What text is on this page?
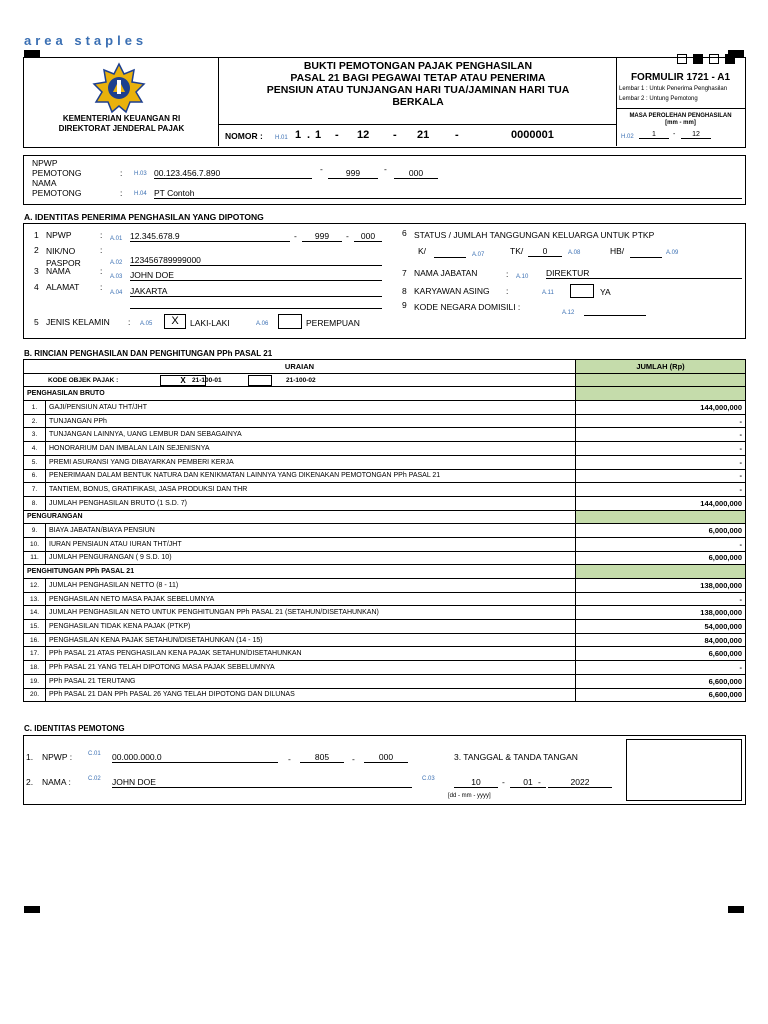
area staples
KEMENTERIAN KEUANGAN RI
DIREKTORAT JENDERAL PAJAK
BUKTI PEMOTONGAN PAJAK PENGHASILAN
PASAL 21 BAGI PEGAWAI TETAP ATAU PENERIMA
PENSIUN ATAU TUNJANGAN HARI TUA/JAMINAN HARI TUA
BERKALA
NOMOR : H.01 1 . 1 - 12 - 21 -	0000001
FORMULIR 1721 - A1
Lembar 1 : Untuk Penerima Penghasilan
Lembar 2 : Untung Pemotong
MASA PEROLEHAN PENGHASILAN
[mm - mm]
H.02	1	-	12
NPWP
PEMOTONG
NAMA
PEMOTONG
: H.03 00.123.456.7.890	-	999	-	000
: H.04 PT Contoh
A. IDENTITAS PENERIMA PENGHASILAN YANG DIPOTONG
1 NPWP	: A.01 12.345.678.9	-	999	-	000
2 NIK/NO
PASPOR
:
A.02 123456789999000
3 NAMA	:
A.03 JOHN DOE
4 ALAMAT :
A.04 JAKARTA
5 JENIS KELAMIN : A.05	X	LAKI-LAKI	A.06	PEREMPUAN
6 STATUS / JUMLAH TANGGUNGAN KELUARGA UNTUK PTKP
K/	A.07	TK/	0	A.08	HB/	A.09
7 NAMA JABATAN	: A.10 DIREKTUR
8 KARYAWAN ASING :	A.11	YA
9 KODE NEGARA DOMISILI :
A.12
B. RINCIAN PENGHASILAN DAN PENGHITUNGAN PPh PASAL 21
URAIAN		JUMLAH (Rp)

KODE OBJEK PAJAK : X 21-100-01 21-100-02		

PENGHASILAN BRUTO		
1.	GAJI/PENSIUN ATAU THT/JHT	144,000,000
2.	TUNJANGAN PPh	-
3.	TUNJANGAN LAINNYA, UANG LEMBUR DAN SEBAGAINYA	-
4.	HONORARIUM DAN IMBALAN LAIN SEJENISNYA	-
5.	PREMI ASURANSI YANG DIBAYARKAN PEMBERI KERJA	-
6.	PENERIMAAN DALAM BENTUK NATURA DAN KENIKMATAN LAINNYA YANG DIKENAKAN PEMOTONGAN PPh PASAL 21	-
7.	TANTIEM, BONUS, GRATIFIKASI, JASA PRODUKSI DAN THR	-
8.	JUMLAH PENGHASILAN BRUTO (1 S.D. 7)	144,000,000
PENGURANGAN		
9.	BIAYA JABATAN/BIAYA PENSIUN	6,000,000
10.	IURAN PENSIAUN ATAU IURAN THT/JHT	-
11.	JUMLAH PENGURANGAN ( 9 S.D. 10)	6,000,000
PENGHITUNGAN PPh PASAL 21		
12.	JUMLAH PENGHASILAN NETTO (8 - 11)	138,000,000
13.	PENGHASILAN NETO MASA PAJAK SEBELUMNYA	-
14.	JUMLAH PENGHASILAN NETO UNTUK PENGHITUNGAN PPh PASAL 21 (SETAHUN/DISETAHUNKAN)	138,000,000
15.	PENGHASILAN TIDAK KENA PAJAK (PTKP)	54,000,000
16.	PENGHASILAN KENA PAJAK SETAHUN/DISETAHUNKAN (14 - 15)	84,000,000
17.	PPh PASAL 21 ATAS PENGHASILAN KENA PAJAK SETAHUN/DISETAHUNKAN	6,600,000
18.	PPh PASAL 21 YANG TELAH DIPOTONG MASA PAJAK SEBELUMNYA	-
19.	PPh PASAL 21 TERUTANG	6,600,000
20.	PPh PASAL 21 DAN PPh PASAL 26 YANG TELAH DIPOTONG DAN DILUNAS	6,600,000
C. IDENTITAS PEMOTONG
1. NPWP :	C.01 00.000.000.0	-	805	-	000	3. TANGGAL & TANDA TANGAN
2. NAMA :	C.02 JOHN DOE	C.03	10	-	01 -	2022
[dd - mm - yyyy]
